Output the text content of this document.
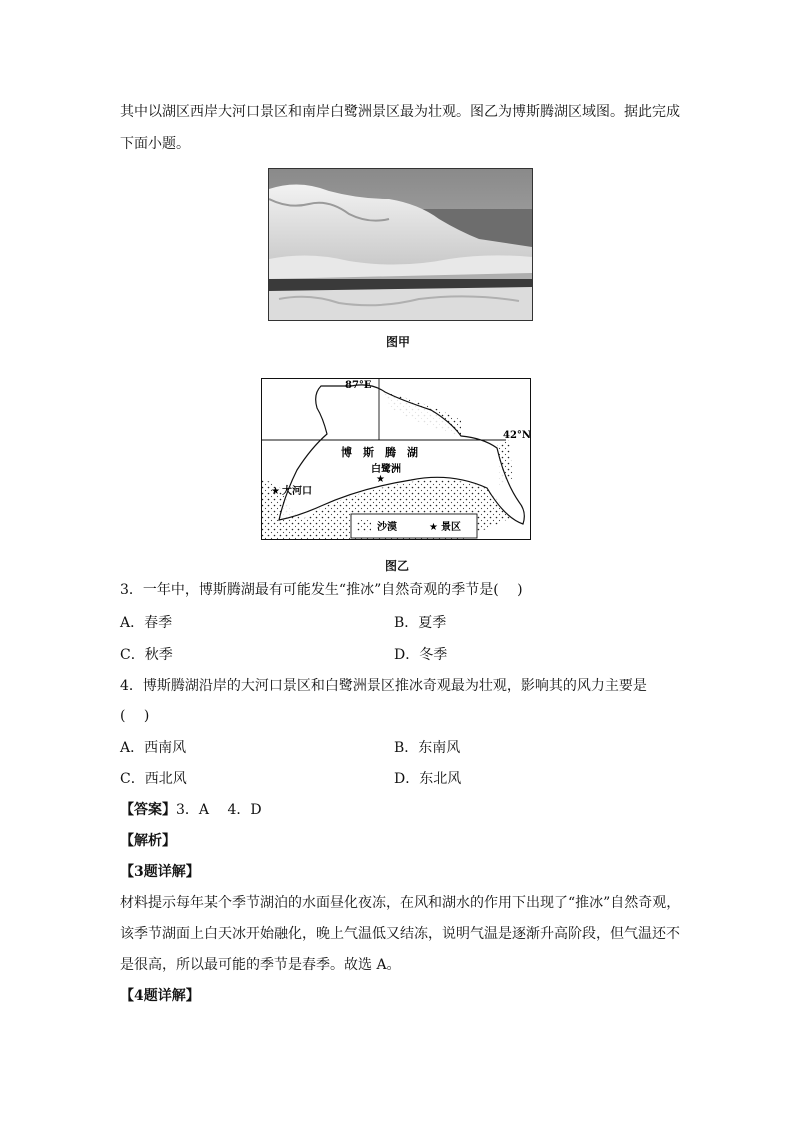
其中以湖区西岸大河口景区和南岸白鹭洲景区最为壮观。图乙为博斯腾湖区域图。据此完成
下面小题。
图甲
沙漠	★ 景区
87°E
42°N
博　斯　腾　湖
白鹭洲
★
★ 大河口
图乙
3．一年中，博斯腾湖最有可能发生“推冰”自然奇观的季节是(　 )
A．春季	B．夏季
C．秋季	D．冬季
4．博斯腾湖沿岸的大河口景区和白鹭洲景区推冰奇观最为壮观，影响其的风力主要是
(　 )
A．西南风	B．东南风
C．西北风	D．东北风
【答案】3．A　 4．D
【解析】
【3题详解】
材料提示每年某个季节湖泊的水面昼化夜冻，在风和湖水的作用下出现了“推冰”自然奇观，
该季节湖面上白天冰开始融化，晚上气温低又结冻，说明气温是逐渐升高阶段，但气温还不
是很高，所以最可能的季节是春季。故选 A。
【4题详解】
